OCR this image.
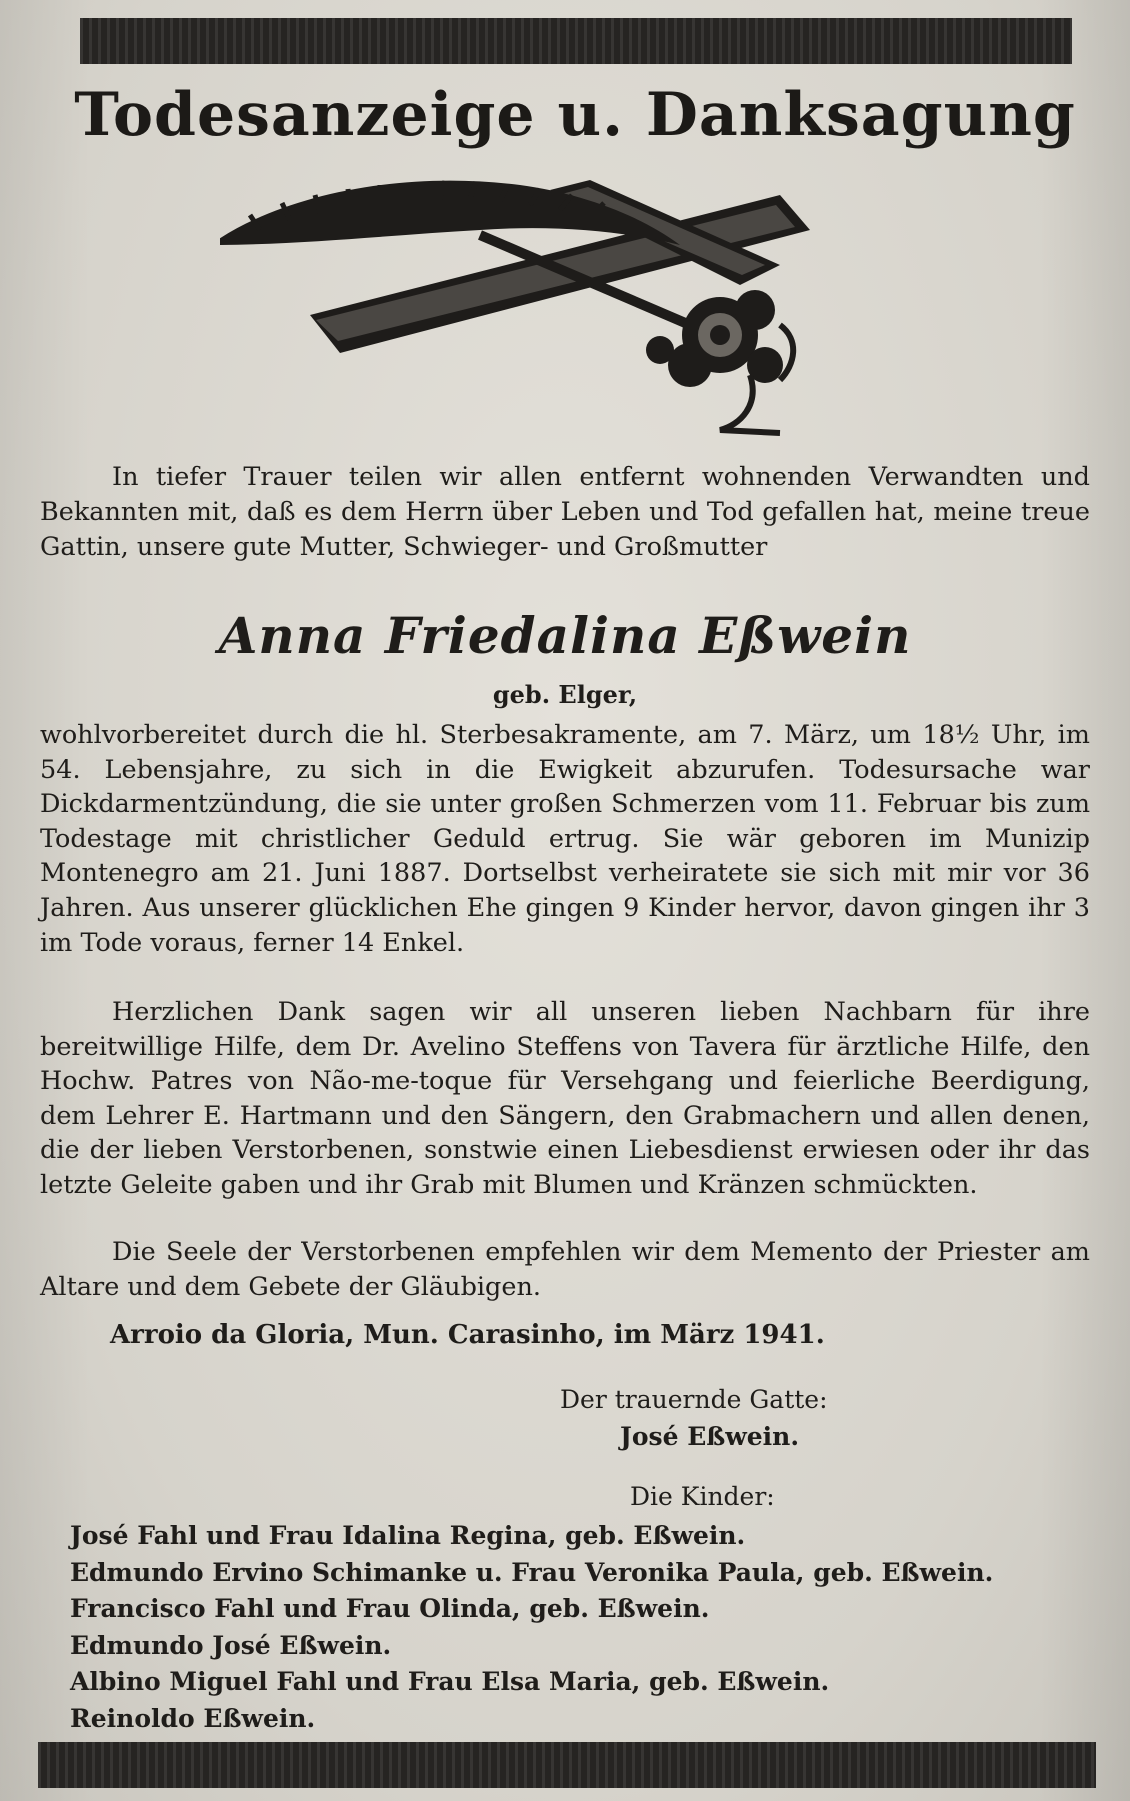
Todesanzeige u. Danksagung

In tiefer Trauer teilen wir allen entfernt wohnenden Verwandten und Bekannten mit, daß es dem Herrn über Leben und Tod gefallen hat, meine treue Gattin, unsere gute Mutter, Schwieger- und Großmutter

Anna Friedalina Eßwein
geb. Elger,

wohlvorbereitet durch die hl. Sterbesakramente, am 7. März, um 18½ Uhr, im 54. Lebensjahre, zu sich in die Ewigkeit abzurufen. Todesursache war Dickdarmentzündung, die sie unter großen Schmerzen vom 11. Februar bis zum Todestage mit christlicher Geduld ertrug. Sie wär geboren im Munizip Montenegro am 21. Juni 1887. Dortselbst verheiratete sie sich mit mir vor 36 Jahren. Aus unserer glücklichen Ehe gingen 9 Kinder hervor, davon gingen ihr 3 im Tode voraus, ferner 14 Enkel.

Herzlichen Dank sagen wir all unseren lieben Nachbarn für ihre bereitwillige Hilfe, dem Dr. Avelino Steffens von Tavera für ärztliche Hilfe, den Hochw. Patres von Não-me-toque für Versehgang und feierliche Beerdigung, dem Lehrer E. Hartmann und den Sängern, den Grabmachern und allen denen, die der lieben Verstorbenen, sonstwie einen Liebesdienst erwiesen oder ihr das letzte Geleite gaben und ihr Grab mit Blumen und Kränzen schmückten.

Die Seele der Verstorbenen empfehlen wir dem Memento der Priester am Altare und dem Gebete der Gläubigen.

Arroio da Gloria, Mun. Carasinho, im März 1941.
Der trauernde Gatte:
José Eßwein.
Die Kinder:
José Fahl und Frau Idalina Regina, geb. Eßwein.
Edmundo Ervino Schimanke u. Frau Veronika Paula, geb. Eßwein.
Francisco Fahl und Frau Olinda, geb. Eßwein.
Edmundo José Eßwein.
Albino Miguel Fahl und Frau Elsa Maria, geb. Eßwein.
Reinoldo Eßwein.
